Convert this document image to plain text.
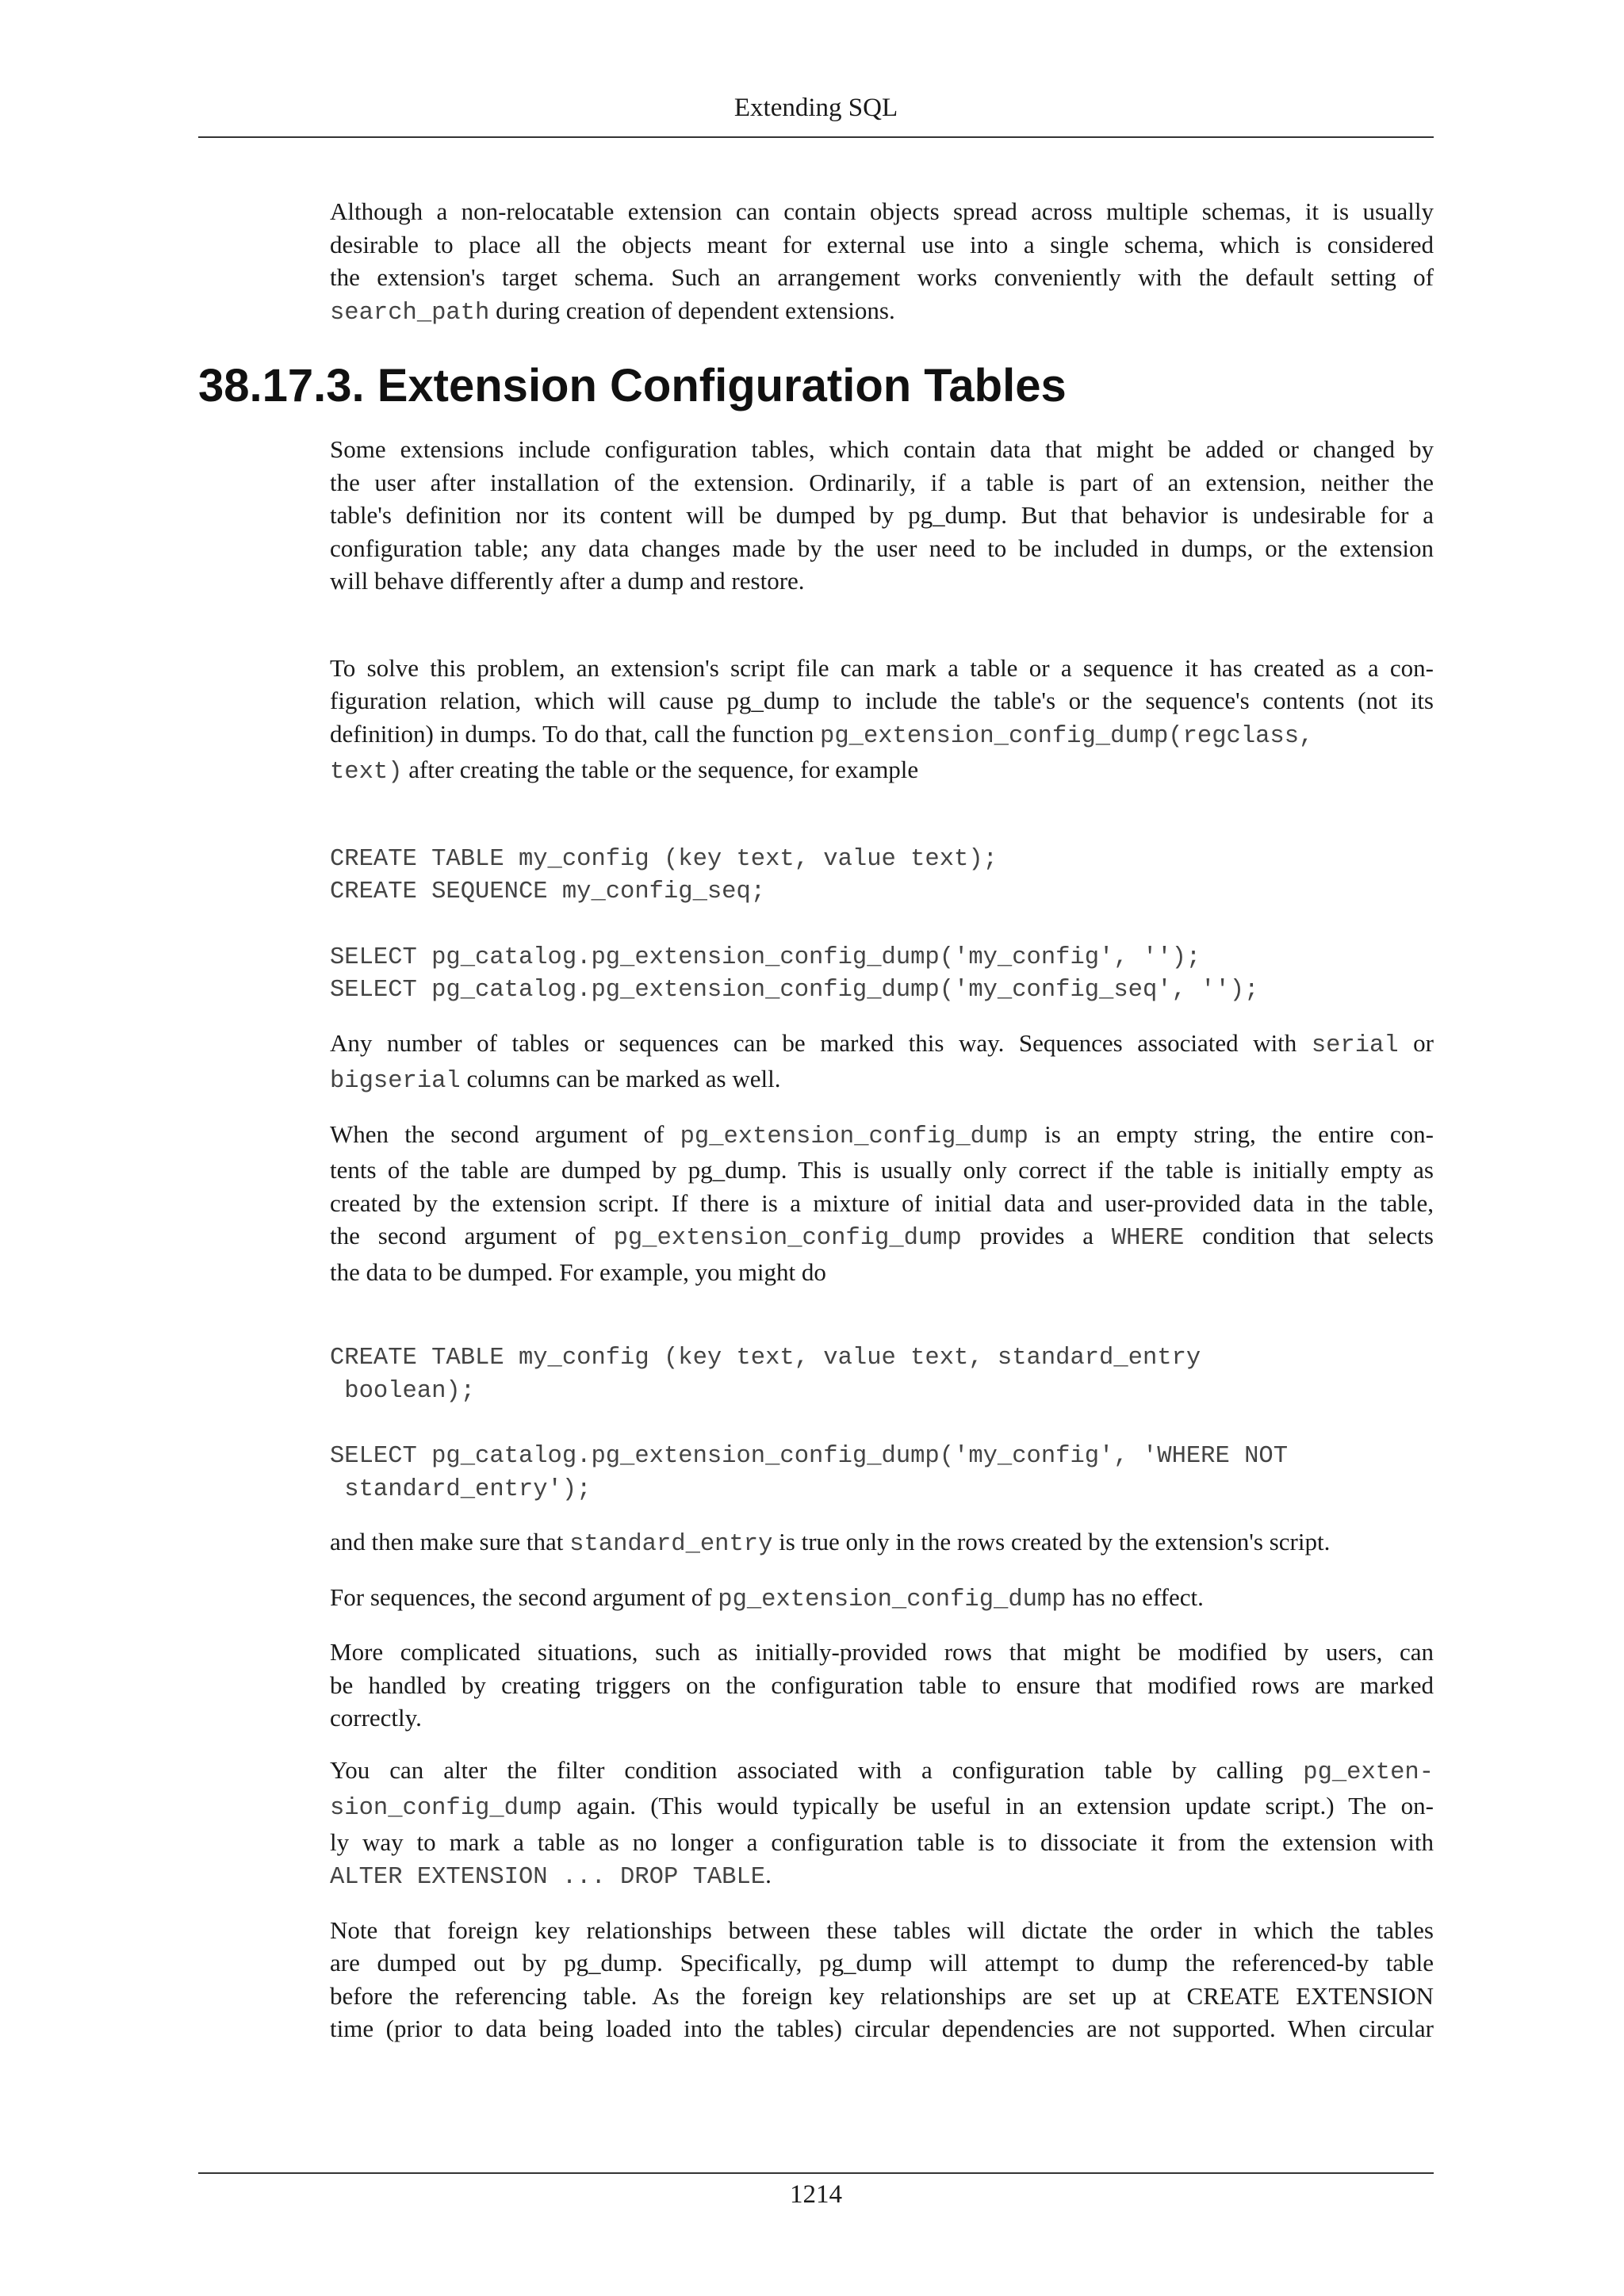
Extending SQL

Although a non-relocatable extension can contain objects spread across multiple schemas, it is usually
desirable to place all the objects meant for external use into a single schema, which is considered
the extension's target schema. Such an arrangement works conveniently with the default setting of
search_path during creation of dependent extensions.

38.17.3. Extension Configuration Tables

Some extensions include configuration tables, which contain data that might be added or changed by
the user after installation of the extension. Ordinarily, if a table is part of an extension, neither the
table's definition nor its content will be dumped by pg_dump. But that behavior is undesirable for a
configuration table; any data changes made by the user need to be included in dumps, or the extension
will behave differently after a dump and restore.

To solve this problem, an extension's script file can mark a table or a sequence it has created as a con-
figuration relation, which will cause pg_dump to include the table's or the sequence's contents (not its
definition) in dumps. To do that, call the function pg_extension_config_dump(regclass,
text) after creating the table or the sequence, for example

CREATE TABLE my_config (key text, value text);
CREATE SEQUENCE my_config_seq;
SELECT pg_catalog.pg_extension_config_dump('my_config', '');
SELECT pg_catalog.pg_extension_config_dump('my_config_seq', '');

Any number of tables or sequences can be marked this way. Sequences associated with serial or
bigserial columns can be marked as well.

When the second argument of pg_extension_config_dump is an empty string, the entire con-
tents of the table are dumped by pg_dump. This is usually only correct if the table is initially empty as
created by the extension script. If there is a mixture of initial data and user-provided data in the table,
the second argument of pg_extension_config_dump provides a WHERE condition that selects
the data to be dumped. For example, you might do

CREATE TABLE my_config (key text, value text, standard_entry
boolean);
SELECT pg_catalog.pg_extension_config_dump('my_config', 'WHERE NOT
standard_entry');

and then make sure that standard_entry is true only in the rows created by the extension's script.

For sequences, the second argument of pg_extension_config_dump has no effect.

More complicated situations, such as initially-provided rows that might be modified by users, can
be handled by creating triggers on the configuration table to ensure that modified rows are marked
correctly.

You can alter the filter condition associated with a configuration table by calling pg_exten-
sion_config_dump again. (This would typically be useful in an extension update script.) The on-
ly way to mark a table as no longer a configuration table is to dissociate it from the extension with
ALTER EXTENSION ... DROP TABLE.

Note that foreign key relationships between these tables will dictate the order in which the tables
are dumped out by pg_dump. Specifically, pg_dump will attempt to dump the referenced-by table
before the referencing table. As the foreign key relationships are set up at CREATE EXTENSION
time (prior to data being loaded into the tables) circular dependencies are not supported. When circular

1214
